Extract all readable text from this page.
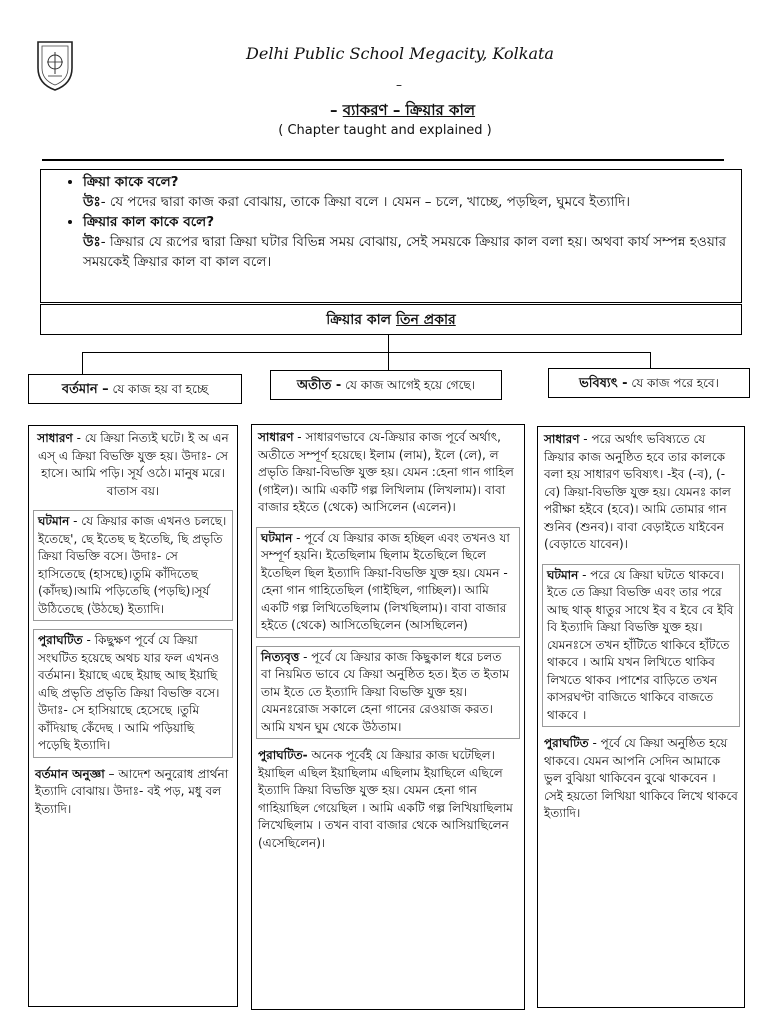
Delhi Public School Megacity, Kolkata
–
– ব্যাকরণ – ক্রিয়ার কাল
( Chapter taught and explained )
• ক্রিয়া কাকে বলে?
উঃ- যে পদের দ্বারা কাজ করা বোঝায়, তাকে ক্রিয়া বলে । যেমন – চলে, খাচ্ছে, পড়ছিল, ঘুমবে ইত্যাদি।
• ক্রিয়ার কাল কাকে বলে?
উঃ- ক্রিয়ার যে রূপের দ্বারা ক্রিয়া ঘটার বিভিন্ন সময় বোঝায়, সেই সময়কে ক্রিয়ার কাল বলা হয়। অথবা কার্য সম্পন্ন হওয়ার সময়কেই ক্রিয়ার কাল বা কাল বলে।
ক্রিয়ার কাল তিন প্রকার
বর্তমান – যে কাজ হয় বা হচ্ছে	অতীত - যে কাজ আগেই হয়ে গেছে।	ভবিষ্যৎ - যে কাজ পরে হবে।

সাধারণ - যে ক্রিয়া নিত্যই ঘটে। ই অ এন এস্ এ ক্রিয়া বিভক্তি যুক্ত হয়। উদাঃ- সে হাসে। আমি পড়ি। সূর্য ওঠে। মানুষ মরে। বাতাস বয়।

ঘটমান - যে ক্রিয়ার কাজ এখনও চলছে। ইতেছে', ছে ইতেছ ছ ইতেছি, ছি প্রভৃতি ক্রিয়া বিভক্তি বসে। উদাঃ- সে হাসিতেছে (হাসছে)।তুমি কাঁদিতেছ (কাঁদছ)।আমি পড়িতেছি (পড়ছি)।সূর্য উঠিতেছে (উঠছে) ইত্যাদি।
পুরাঘটিত - কিছুক্ষণ পূর্বে যে ক্রিয়া সংঘটিত হয়েছে অথচ যার ফল এখনও বর্তমান। ইয়াছে এছে ইয়াছ আছ ইয়াছি এছি প্রভৃতি প্রভৃতি ক্রিয়া বিভক্তি বসে। উদাঃ- সে হাসিয়াছে হেসেছে ।তুমি কাঁদিয়াছ কেঁদেছ । আমি পড়িয়াছি পড়েছি ইত্যাদি।

বর্তমান অনুজ্ঞা – আদেশ অনুরোধ প্রার্থনা ইত্যাদি বোঝায়। উদাঃ- বই পড়, মধু বল ইত্যাদি।

সাধারণ - সাধারণভাবে যে-ক্রিয়ার কাজ পূর্বে অর্থাৎ, অতীতে সম্পূর্ণ হয়েছে। ইলাম (লাম), ইলে (লে), ল প্রভৃতি ক্রিয়া-বিভক্তি যুক্ত হয়। যেমন :হেনা গান গাহিল (গাইল)। আমি একটি গল্প লিখিলাম (লিখলাম)। বাবা বাজার হইতে (থেকে) আসিলেন (এলেন)।

ঘটমান - পূর্বে যে ক্রিয়ার কাজ হচ্ছিল এবং তখনও যা সম্পূর্ণ হয়নি। ইতেছিলাম ছিলাম ইতেছিলে ছিলে ইতেছিল ছিল ইত্যাদি ক্রিয়া-বিভক্তি যুক্ত হয়। যেমন - হেনা গান গাহিতেছিল (গাইছিল, গাচ্ছিল)। আমি একটি গল্প লিখিতেছিলাম (লিখছিলাম)। বাবা বাজার হইতে (থেকে) আসিতেছিলেন (আসছিলেন)
নিত্যবৃত্ত - পূর্বে যে ক্রিয়ার কাজ কিছুকাল ধরে চলত বা নিয়মিত ভাবে যে ক্রিয়া অনুষ্ঠিত হত। ইত ত ইতাম তাম ইতে তে ইত্যাদি ক্রিয়া বিভক্তি যুক্ত হয়। যেমনঃরোজ সকালে হেনা গানের রেওয়াজ করত। আমি যখন ঘুম থেকে উঠতাম।

পুরাঘটিত- অনেক পূর্বেই যে ক্রিয়ার কাজ ঘটেছিল।ইয়াছিল এছিল ইয়াছিলাম এছিলাম ইয়াছিলে এছিলে ইত্যাদি ক্রিয়া বিভক্তি যুক্ত হয়। যেমন হেনা গান গাহিয়াছিল গেয়েছিল । আমি একটি গল্প লিখিয়াছিলাম লিখেছিলাম । তখন বাবা বাজার থেকে আসিয়াছিলেন (এসেছিলেন)।

সাধারণ - পরে অর্থাৎ ভবিষ্যতে যে ক্রিয়ার কাজ অনুষ্ঠিত হবে তার কালকে বলা হয় সাধারণ ভবিষ্যৎ। -ইব (-ব), (-বে) ক্রিয়া-বিভক্তি যুক্ত হয়। যেমনঃ কাল পরীক্ষা হইবে (হবে)। আমি তোমার গান শুনিব (শুনব)। বাবা বেড়াইতে যাইবেন (বেড়াতে যাবেন)।

ঘটমান - পরে যে ক্রিয়া ঘটতে থাকবে। ইতে তে ক্রিয়া বিভক্তি এবং তার পরে আছ থাক্ ধাতুর সাথে ইব ব ইবে বে ইবি বি ইত্যাদি ক্রিয়া বিভক্তি যুক্ত হয়। যেমনঃসে তখন হাঁটিতে থাকিবে হাঁটতে থাকবে । আমি যখন লিখিতে থাকিব লিখতে থাকব ।পাশের বাড়িতে তখন কাসরঘণ্টা বাজিতে থাকিবে বাজতে থাকবে ।

পুরাঘটিত - পূর্বে যে ক্রিয়া অনুষ্ঠিত হয়ে থাকবে। যেমন আপনি সেদিন আমাকে ভুল বুঝিয়া থাকিবেন বুঝে থাকবেন । সেই হয়তো লিখিয়া থাকিবে লিখে থাকবে ইত্যাদি।
